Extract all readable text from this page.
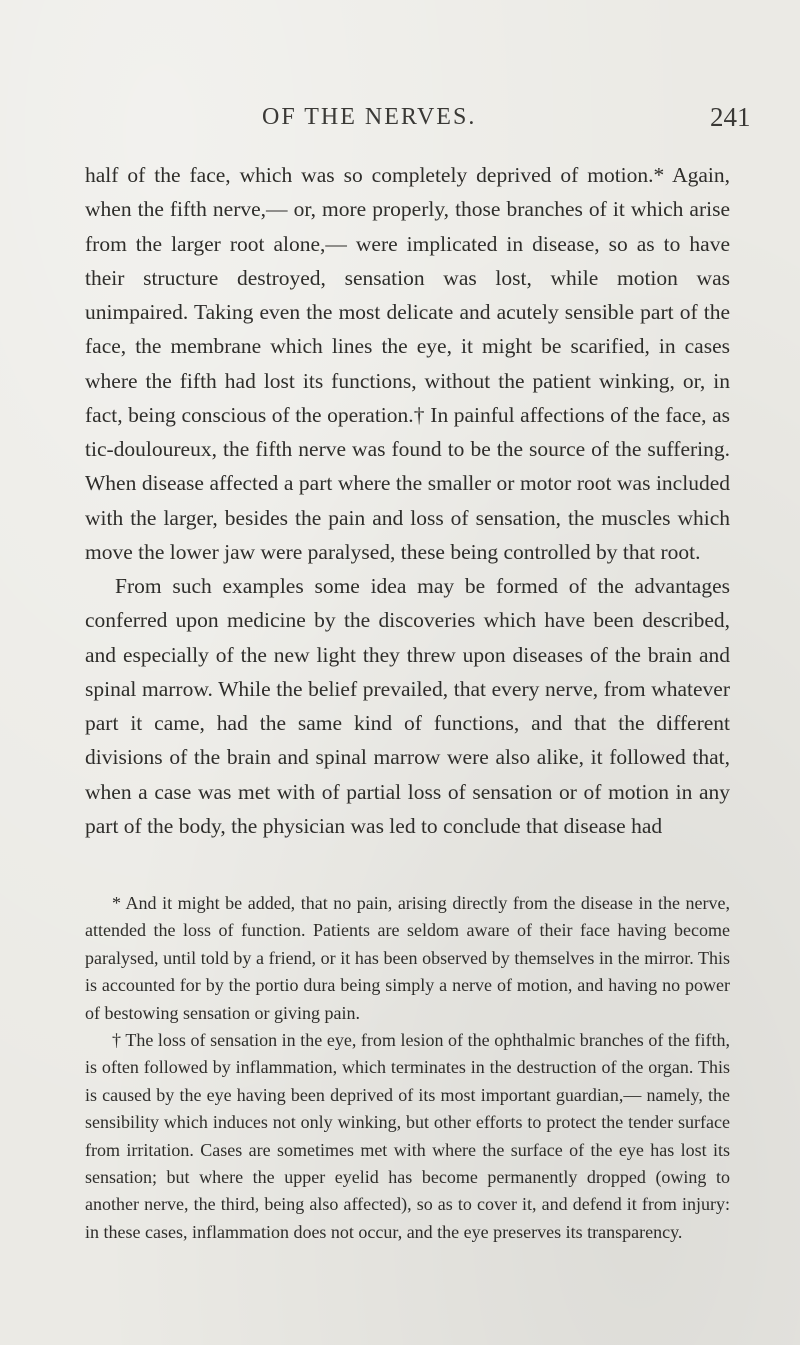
OF THE NERVES.	241

half of the face, which was so completely deprived of motion.* Again, when the fifth nerve,— or, more properly, those branches of it which arise from the larger root alone,— were implicated in disease, so as to have their structure destroyed, sensation was lost, while motion was unimpaired. Taking even the most delicate and acutely sensible part of the face, the membrane which lines the eye, it might be scarified, in cases where the fifth had lost its functions, without the patient winking, or, in fact, being conscious of the operation.† In painful affections of the face, as tic-douloureux, the fifth nerve was found to be the source of the suffering. When disease affected a part where the smaller or motor root was included with the larger, besides the pain and loss of sensation, the muscles which move the lower jaw were paralysed, these being controlled by that root.

From such examples some idea may be formed of the advantages conferred upon medicine by the discoveries which have been described, and especially of the new light they threw upon diseases of the brain and spinal marrow. While the belief prevailed, that every nerve, from whatever part it came, had the same kind of functions, and that the different divisions of the brain and spinal marrow were also alike, it followed that, when a case was met with of partial loss of sensation or of motion in any part of the body, the physician was led to conclude that disease had

* And it might be added, that no pain, arising directly from the disease in the nerve, attended the loss of function. Patients are seldom aware of their face having become paralysed, until told by a friend, or it has been observed by themselves in the mirror. This is accounted for by the portio dura being simply a nerve of motion, and having no power of bestowing sensation or giving pain.

† The loss of sensation in the eye, from lesion of the ophthalmic branches of the fifth, is often followed by inflammation, which terminates in the destruction of the organ. This is caused by the eye having been deprived of its most important guardian,— namely, the sensibility which induces not only winking, but other efforts to protect the tender surface from irritation. Cases are sometimes met with where the surface of the eye has lost its sensation; but where the upper eyelid has become permanently dropped (owing to another nerve, the third, being also affected), so as to cover it, and defend it from injury: in these cases, inflammation does not occur, and the eye preserves its transparency.
